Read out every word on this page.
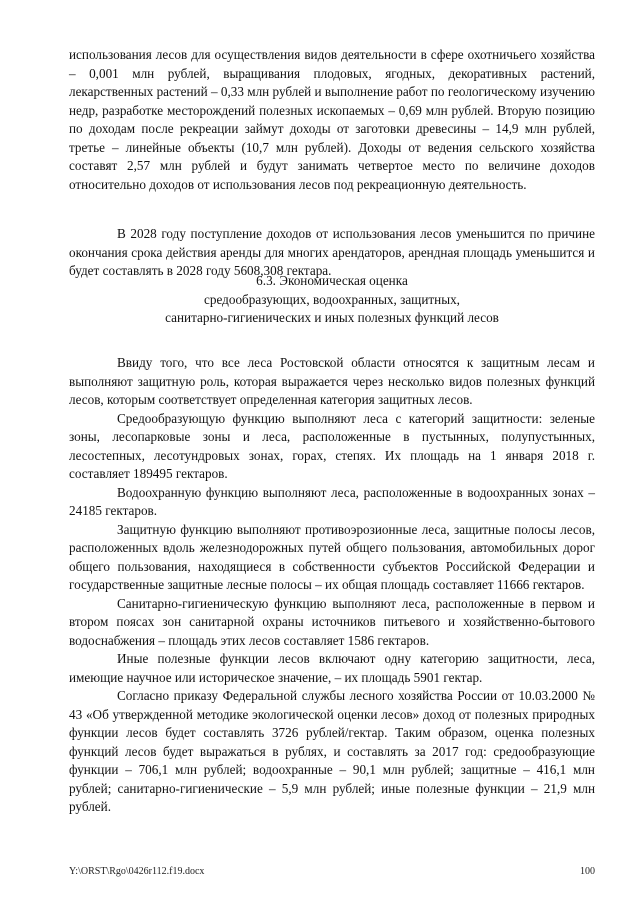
использования лесов для осуществления видов деятельности в сфере охотничьего хозяйства – 0,001 млн рублей, выращивания плодовых, ягодных, декоративных растений, лекарственных растений – 0,33 млн рублей и выполнение работ по геологическому изучению недр, разработке месторождений полезных ископаемых – 0,69 млн рублей. Вторую позицию по доходам после рекреации займут доходы от заготовки древесины – 14,9 млн рублей, третье – линейные объекты (10,7 млн рублей). Доходы от ведения сельского хозяйства составят 2,57 млн рублей и будут занимать четвертое место по величине доходов относительно доходов от использования лесов под рекреационную деятельность.

В 2028 году поступление доходов от использования лесов уменьшится по причине окончания срока действия аренды для многих арендаторов, арендная площадь уменьшится и будет составлять в 2028 году 5608,308 гектара.

6.3. Экономическая оценка
средообразующих, водоохранных, защитных,
санитарно-гигиенических и иных полезных функций лесов

Ввиду того, что все леса Ростовской области относятся к защитным лесам и выполняют защитную роль, которая выражается через несколько видов полезных функций лесов, которым соответствует определенная категория защитных лесов.

Средообразующую функцию выполняют леса с категорий защитности: зеленые зоны, лесопарковые зоны и леса, расположенные в пустынных, полупустынных, лесостепных, лесотундровых зонах, горах, степях. Их площадь на 1 января 2018 г. составляет 189495 гектаров.

Водоохранную функцию выполняют леса, расположенные в водоохранных зонах – 24185 гектаров.

Защитную функцию выполняют противоэрозионные леса, защитные полосы лесов, расположенных вдоль железнодорожных путей общего пользования, автомобильных дорог общего пользования, находящиеся в собственности субъектов Российской Федерации и государственные защитные лесные полосы – их общая площадь составляет 11666 гектаров.

Санитарно-гигиеническую функцию выполняют леса, расположенные в первом и втором поясах зон санитарной охраны источников питьевого и хозяйственно-бытового водоснабжения – площадь этих лесов составляет 1586 гектаров.

Иные полезные функции лесов включают одну категорию защитности, леса, имеющие научное или историческое значение, – их площадь 5901 гектар.

Согласно приказу Федеральной службы лесного хозяйства России от 10.03.2000 № 43 «Об утвержденной методике экологической оценки лесов» доход от полезных природных функции лесов будет составлять 3726 рублей/гектар. Таким образом, оценка полезных функций лесов будет выражаться в рублях, и составлять за 2017 год: средообразующие функции – 706,1 млн рублей; водоохранные – 90,1 млн рублей; защитные – 416,1 млн рублей; санитарно-гигиенические – 5,9 млн рублей; иные полезные функции – 21,9 млн рублей.

Y:\ORST\Rgo\0426r112.f19.docx	100
